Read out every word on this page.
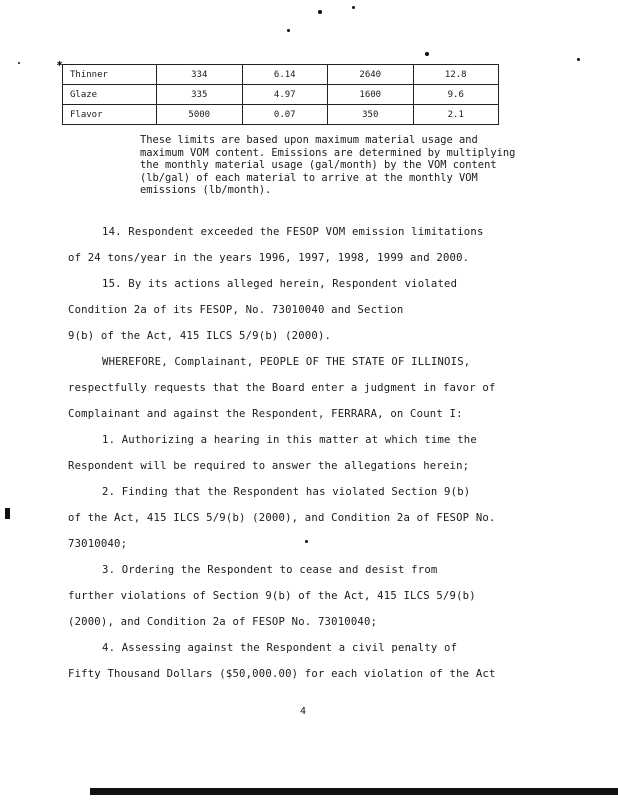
✱
Thinner	334	6.14	2640	12.8
Glaze	335	4.97	1600	9.6
Flavor	5000	0.07	350	2.1

These limits are based upon maximum material usage and maximum VOM content. Emissions are determined by multiplying the monthly material usage (gal/month) by the VOM content (lb/gal) of each material to arrive at the monthly VOM emissions (lb/month).

14. Respondent exceeded the FESOP VOM emission limitations
of 24 tons/year in the years 1996, 1997, 1998, 1999 and 2000.
15. By its actions alleged herein, Respondent violated
Condition 2a of its FESOP, No. 73010040 and Section
9(b) of the Act, 415 ILCS 5/9(b) (2000).
WHEREFORE, Complainant, PEOPLE OF THE STATE OF ILLINOIS,
respectfully requests that the Board enter a judgment in favor of
Complainant and against the Respondent, FERRARA, on Count I:
1. Authorizing a hearing in this matter at which time the
Respondent will be required to answer the allegations herein;
2. Finding that the Respondent has violated Section 9(b)
of the Act, 415 ILCS 5/9(b) (2000), and Condition 2a of FESOP No.
73010040;
3. Ordering the Respondent to cease and desist from
further violations of Section 9(b) of the Act, 415 ILCS 5/9(b)
(2000), and Condition 2a of FESOP No. 73010040;
4. Assessing against the Respondent a civil penalty of
Fifty Thousand Dollars ($50,000.00) for each violation of the Act
4
